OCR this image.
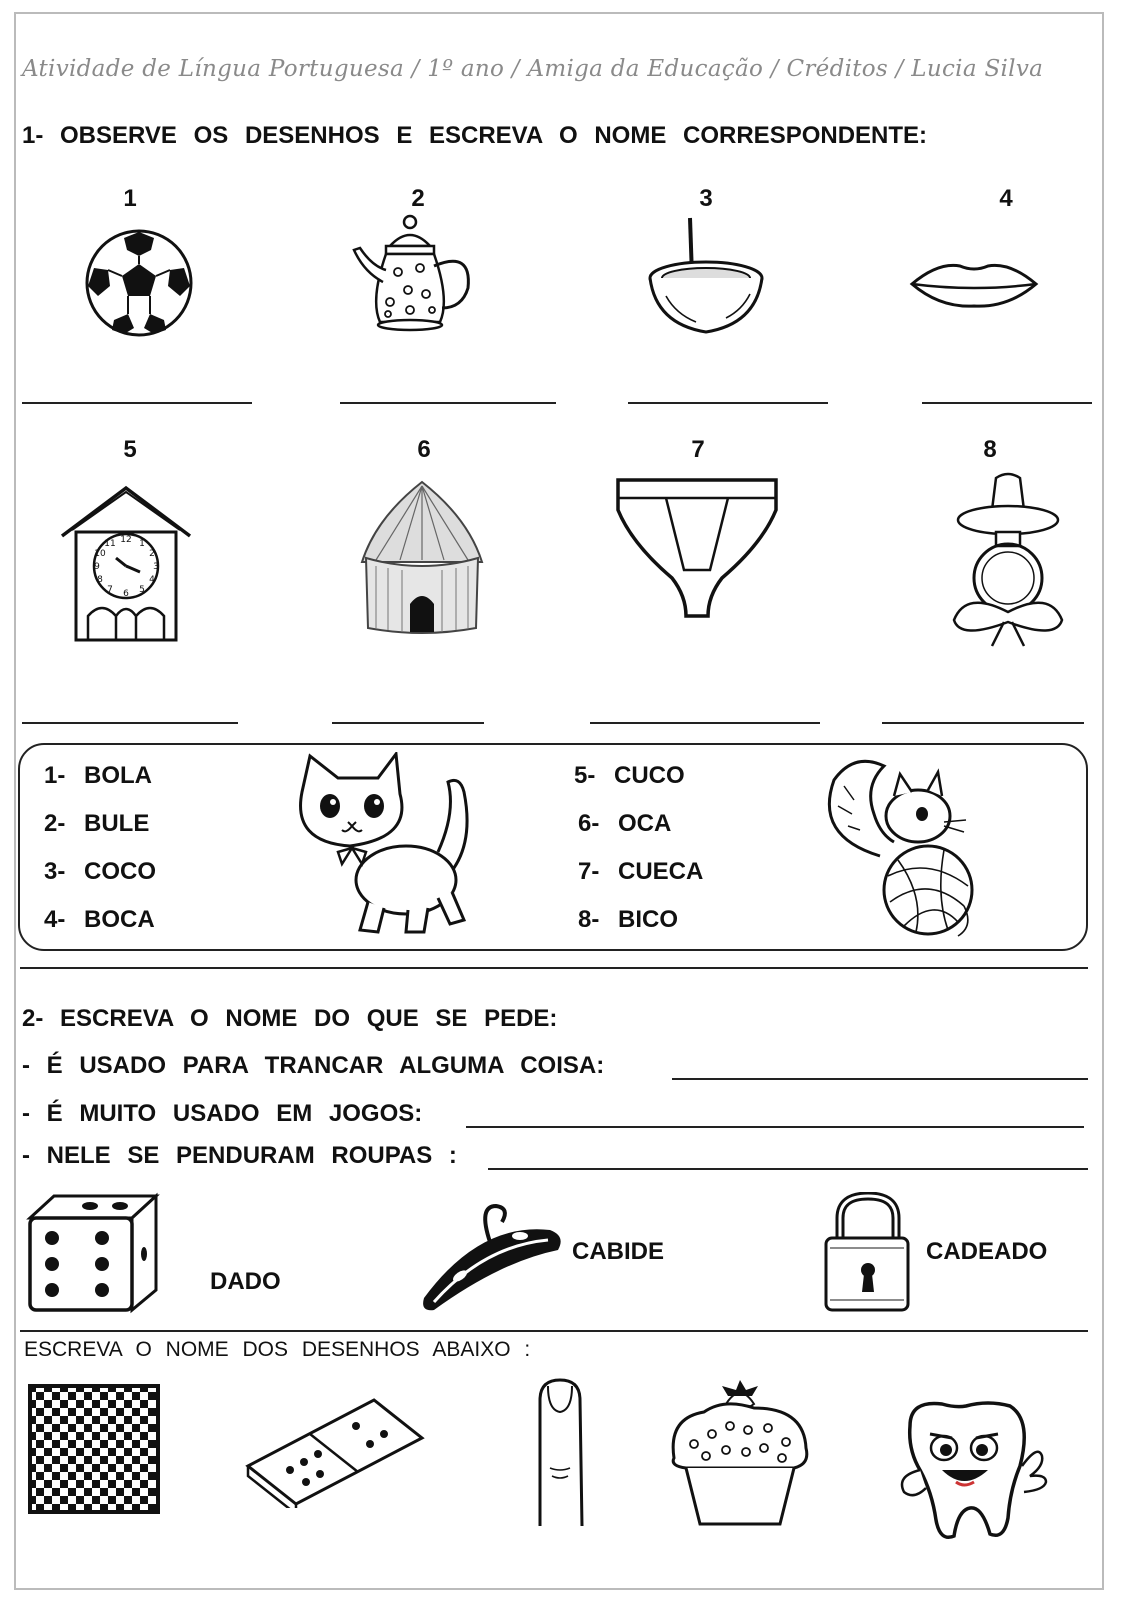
Atividade de Língua Portuguesa / 1º ano / Amiga da Educação / Créditos / Lucia Silva
1- OBSERVE OS DESENHOS E ESCREVA O NOME CORRESPONDENTE:
1	2	3	4
5	6	7	8
12 1
2
3
4
5
6
7
8
9
10
11
1- BOLA
2- BULE
3- COCO
4- BOCA
5- CUCO
6- OCA
7- CUECA
8- BICO
2- ESCREVA O NOME DO QUE SE PEDE:
- É USADO PARA TRANCAR ALGUMA COISA:
- É MUITO USADO EM JOGOS:
- NELE SE PENDURAM ROUPAS :
DADO
CABIDE	CADEADO
ESCREVA O NOME DOS DESENHOS ABAIXO :
